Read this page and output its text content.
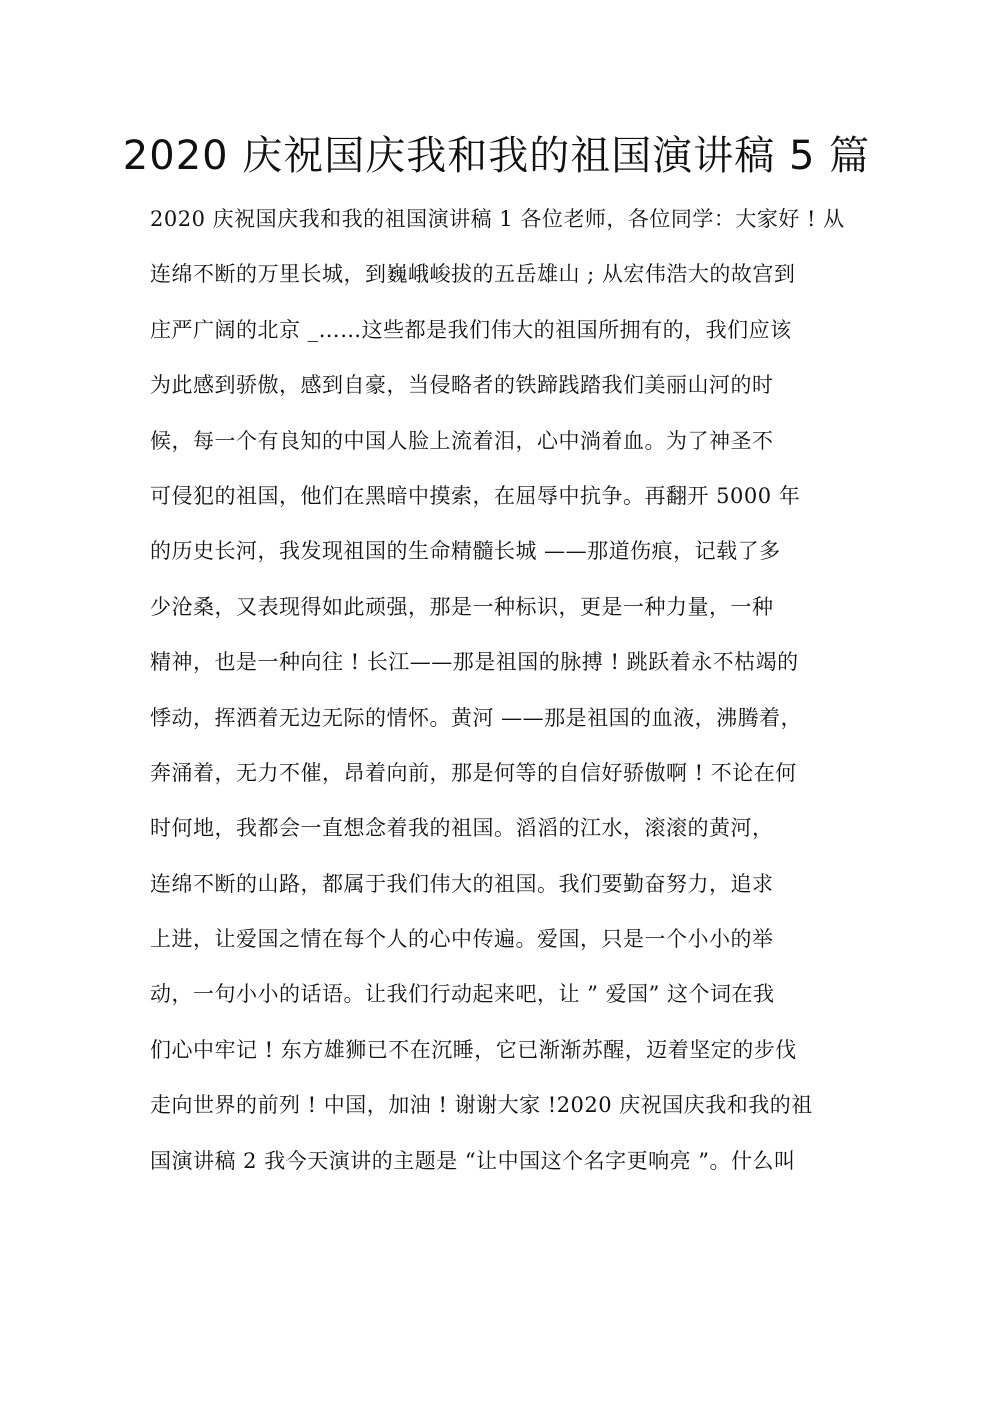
2020 庆祝国庆我和我的祖国演讲稿 5 篇
2020 庆祝国庆我和我的祖国演讲稿 1 各位老师，各位同学：大家好 ! 从
连绵不断的万里长城，到巍峨峻拔的五岳雄山 ; 从宏伟浩大的故宫到
庄严广阔的北京 _……这些都是我们伟大的祖国所拥有的，我们应该
为此感到骄傲，感到自豪，当侵略者的铁蹄践踏我们美丽山河的时
候，每一个有良知的中国人脸上流着泪，心中淌着血。为了神圣不
可侵犯的祖国，他们在黑暗中摸索，在屈辱中抗争。再翻开 5000 年
的历史长河，我发现祖国的生命精髓长城 ——那道伤痕，记载了多
少沧桑，又表现得如此顽强，那是一种标识，更是一种力量，一种
精神，也是一种向往 ! 长江——那是祖国的脉搏 ! 跳跃着永不枯竭的
悸动，挥洒着无边无际的情怀。黄河 ——那是祖国的血液，沸腾着，
奔涌着，无力不催，昂着向前，那是何等的自信好骄傲啊 ! 不论在何
时何地，我都会一直想念着我的祖国。滔滔的江水，滚滚的黄河，
连绵不断的山路，都属于我们伟大的祖国。我们要勤奋努力，追求
上进，让爱国之情在每个人的心中传遍。爱国，只是一个小小的举
动，一句小小的话语。让我们行动起来吧，让 ” 爱国” 这个词在我
们心中牢记 ! 东方雄狮已不在沉睡，它已渐渐苏醒，迈着坚定的步伐
走向世界的前列 ! 中国，加油 ! 谢谢大家 !2020 庆祝国庆我和我的祖
国演讲稿 2 我今天演讲的主题是 “让中国这个名字更响亮 ”。什么叫
